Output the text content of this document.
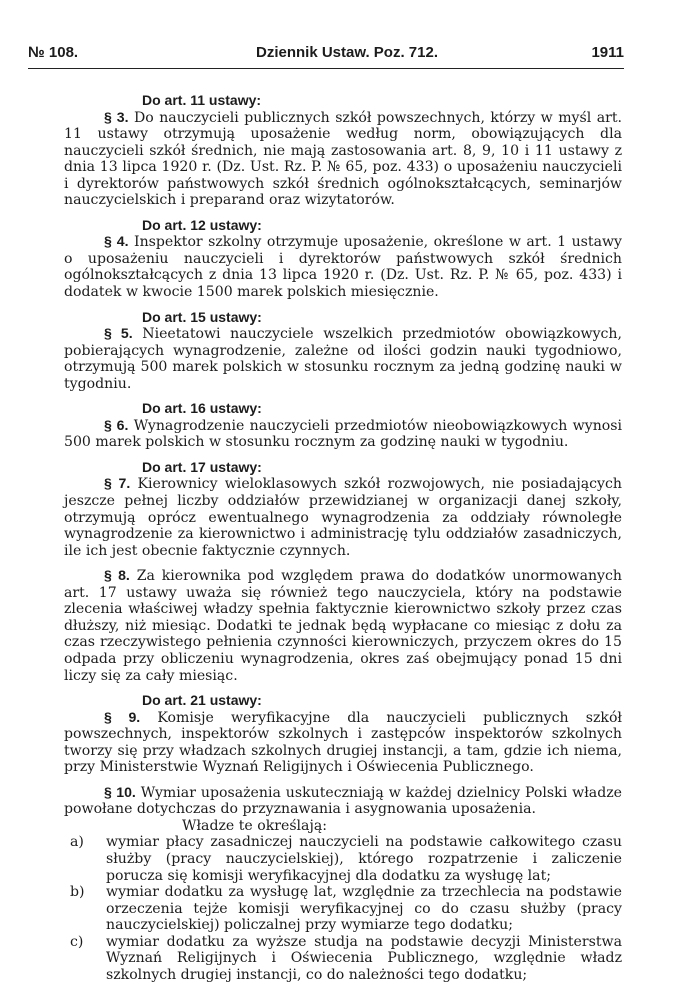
№ 108.	Dziennik Ustaw. Poz. 712.	1911

Do art. 11 ustawy:

§ 3. Do nauczycieli publicznych szkół powszechnych, którzy w myśl art. 11 ustawy otrzymują uposażenie według norm, obowiązujących dla nauczycieli szkół średnich, nie mają zastosowania art. 8, 9, 10 i 11 ustawy z dnia 13 lipca 1920 r. (Dz. Ust. Rz. P. № 65, poz. 433) o uposażeniu nauczycieli i dyrektorów państwowych szkół średnich ogólnokształcących, seminarjów nauczycielskich i preparand oraz wizytatorów.

Do art. 12 ustawy:

§ 4. Inspektor szkolny otrzymuje uposażenie, określone w art. 1 ustawy o uposażeniu nauczycieli i dyrektorów państwowych szkół średnich ogólnokształcących z dnia 13 lipca 1920 r. (Dz. Ust. Rz. P. № 65, poz. 433) i dodatek w kwocie 1500 marek polskich miesięcznie.

Do art. 15 ustawy:

§ 5. Nieetatowi nauczyciele wszelkich przedmiotów obowiązkowych, pobierających wynagrodzenie, zależne od ilości godzin nauki tygodniowo, otrzymują 500 marek polskich w stosunku rocznym za jedną godzinę nauki w tygodniu.

Do art. 16 ustawy:

§ 6. Wynagrodzenie nauczycieli przedmiotów nieobowiązkowych wynosi 500 marek polskich w stosunku rocznym za godzinę nauki w tygodniu.

Do art. 17 ustawy:

§ 7. Kierownicy wieloklasowych szkół rozwojowych, nie posiadających jeszcze pełnej liczby oddziałów przewidzianej w organizacji danej szkoły, otrzymują oprócz ewentualnego wynagrodzenia za oddziały równoległe wynagrodzenie za kierownictwo i administrację tylu oddziałów zasadniczych, ile ich jest obecnie faktycznie czynnych.

§ 8. Za kierownika pod względem prawa do dodatków unormowanych art. 17 ustawy uważa się również tego nauczyciela, który na podstawie zlecenia właściwej władzy spełnia faktycznie kierownictwo szkoły przez czas dłuższy, niż miesiąc. Dodatki te jednak będą wypłacane co miesiąc z dołu za czas rzeczywistego pełnienia czynności kierowniczych, przyczem okres do 15 odpada przy obliczeniu wynagrodzenia, okres zaś obejmujący ponad 15 dni liczy się za cały miesiąc.

Do art. 21 ustawy:

§ 9. Komisje weryfikacyjne dla nauczycieli publicznych szkół powszechnych, inspektorów szkolnych i zastępców inspektorów szkolnych tworzy się przy władzach szkolnych drugiej instancji, a tam, gdzie ich niema, przy Ministerstwie Wyznań Religijnych i Oświecenia Publicznego.

§ 10. Wymiar uposażenia uskuteczniają w każdej dzielnicy Polski władze powołane dotychczas do przyznawania i asygnowania uposażenia.

Władze te określają:

a) wymiar płacy zasadniczej nauczycieli na podstawie całkowitego czasu służby (pracy nauczycielskiej), którego rozpatrzenie i zaliczenie porucza się komisji weryfikacyjnej dla dodatku za wysługę lat;

b) wymiar dodatku za wysługę lat, względnie za trzechlecia na podstawie orzeczenia tejże komisji weryfikacyjnej co do czasu służby (pracy nauczycielskiej) policzalnej przy wymiarze tego dodatku;

c) wymiar dodatku za wyższe studja na podstawie decyzji Ministerstwa Wyznań Religijnych i Oświecenia Publicznego, względnie władz szkolnych drugiej instancji, co do należności tego dodatku;
